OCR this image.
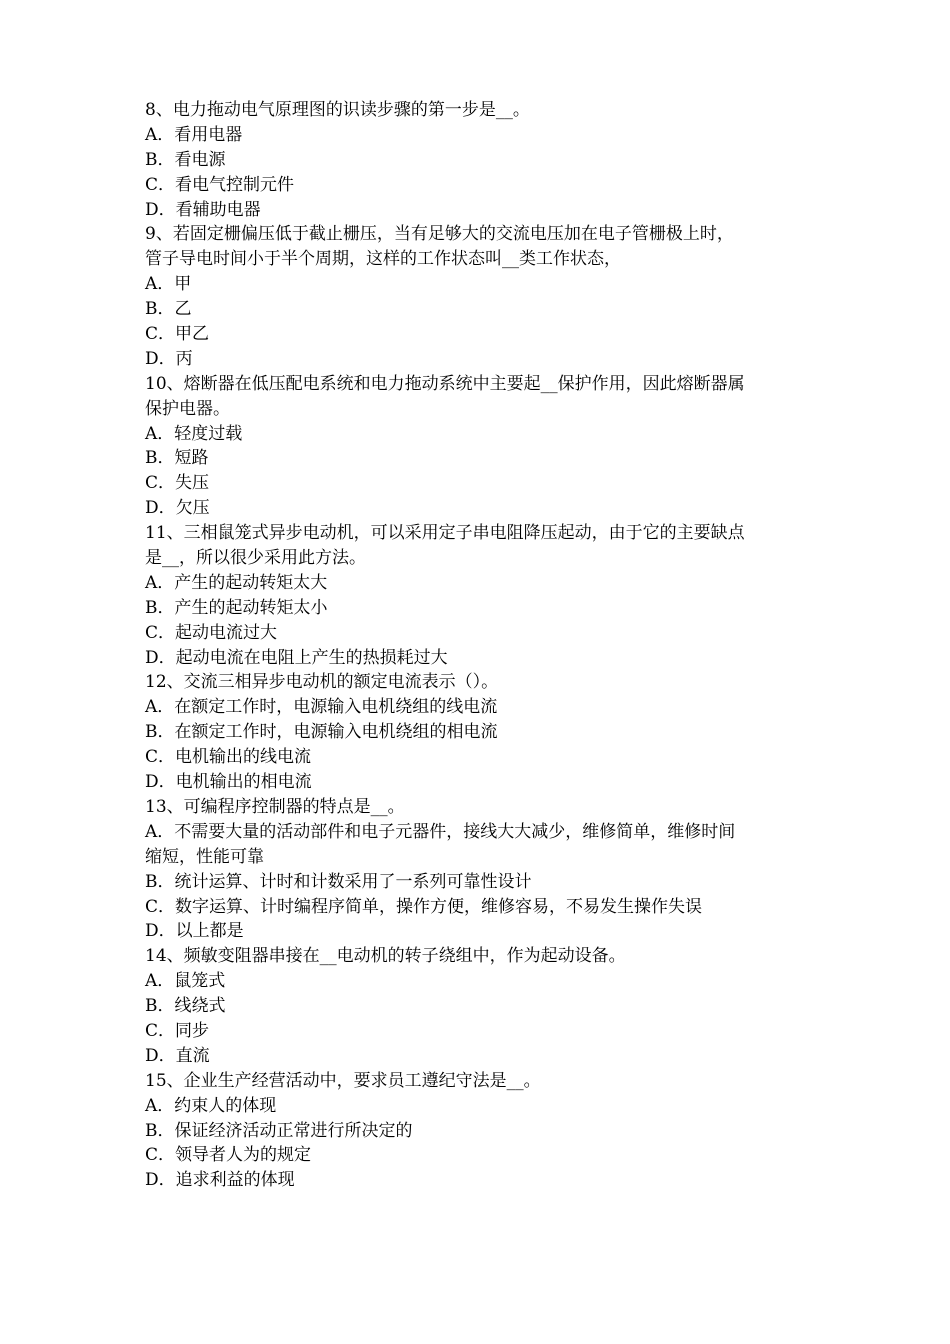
8、电力拖动电气原理图的识读步骤的第一步是__。
A．看用电器
B．看电源
C．看电气控制元件
D．看辅助电器
9、若固定栅偏压低于截止栅压，当有足够大的交流电压加在电子管栅极上时，
管子导电时间小于半个周期，这样的工作状态叫__类工作状态，
A．甲
B．乙
C．甲乙
D．丙
10、熔断器在低压配电系统和电力拖动系统中主要起__保护作用，因此熔断器属
保护电器。
A．轻度过载
B．短路
C．失压
D．欠压
11、三相鼠笼式异步电动机，可以采用定子串电阻降压起动，由于它的主要缺点
是__，所以很少采用此方法。
A．产生的起动转矩太大
B．产生的起动转矩太小
C．起动电流过大
D．起动电流在电阻上产生的热损耗过大
12、交流三相异步电动机的额定电流表示（）。
A．在额定工作时，电源输入电机绕组的线电流
B．在额定工作时，电源输入电机绕组的相电流
C．电机输出的线电流
D．电机输出的相电流
13、可编程序控制器的特点是__。
A．不需要大量的活动部件和电子元器件，接线大大减少，维修简单，维修时间
缩短，性能可靠
B．统计运算、计时和计数采用了一系列可靠性设计
C．数字运算、计时编程序简单，操作方便，维修容易，不易发生操作失误
D．以上都是
14、频敏变阻器串接在__电动机的转子绕组中，作为起动设备。
A．鼠笼式
B．线绕式
C．同步
D．直流
15、企业生产经营活动中，要求员工遵纪守法是__。
A．约束人的体现
B．保证经济活动正常进行所决定的
C．领导者人为的规定
D．追求利益的体现
